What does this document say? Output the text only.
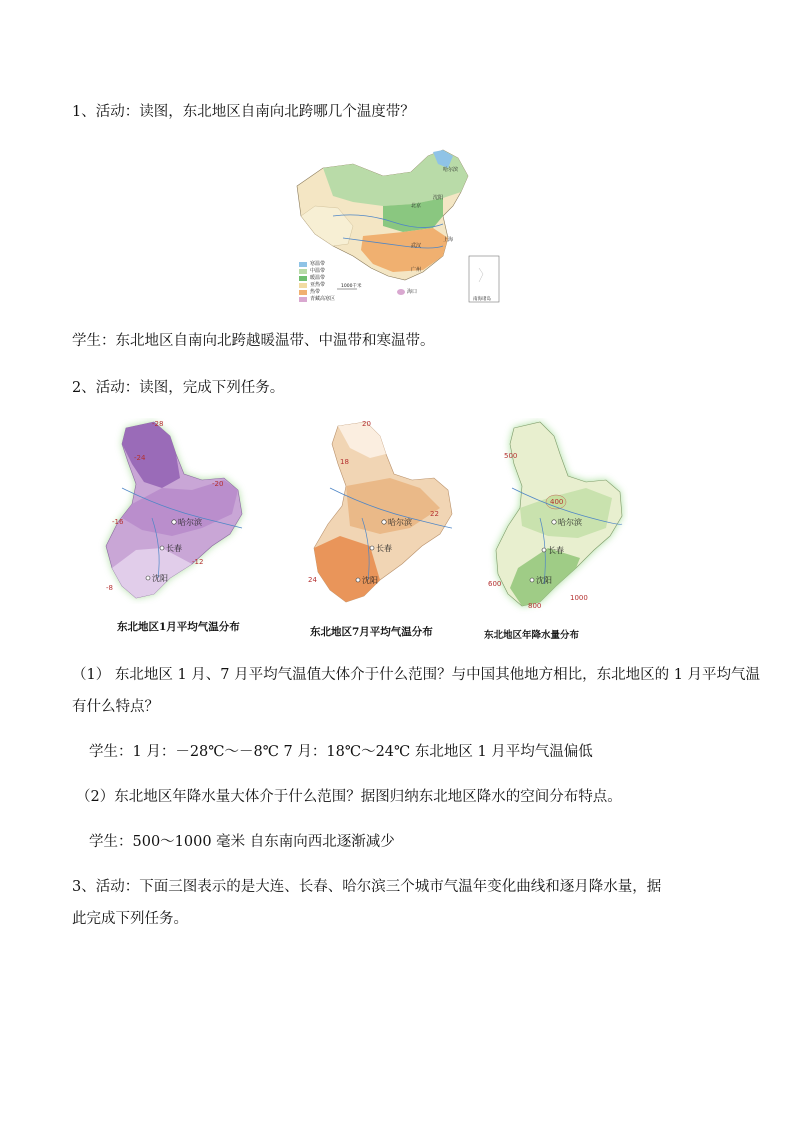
1、活动：读图，东北地区自南向北跨哪几个温度带？
寒温带
中温带
暖温带
亚热带
热带
青藏高寒区
哈尔滨
沈阳
北京
上海
武汉
广州
海口
南海诸岛
1000千米
学生：东北地区自南向北跨越暖温带、中温带和寒温带。
2、活动：读图，完成下列任务。
哈尔滨
长春
沈阳
-28
-24
-20
-16
-12
-8
东北地区1月平均气温分布
哈尔滨
长春
沈阳
20
18
22
24
东北地区7月平均气温分布
哈尔滨
长春
沈阳
500
400
600
800
1000
东北地区年降水量分布
（1） 东北地区 1 月、7 月平均气温值大体介于什么范围？与中国其他地方相比，东北地区的 1 月平均气温
有什么特点？
学生：1 月：－28℃～－8℃ 7 月：18℃～24℃ 东北地区 1 月平均气温偏低
（2）东北地区年降水量大体介于什么范围？据图归纳东北地区降水的空间分布特点。
学生：500～1000 毫米 自东南向西北逐渐减少
3、活动：下面三图表示的是大连、长春、哈尔滨三个城市气温年变化曲线和逐月降水量，据
此完成下列任务。
